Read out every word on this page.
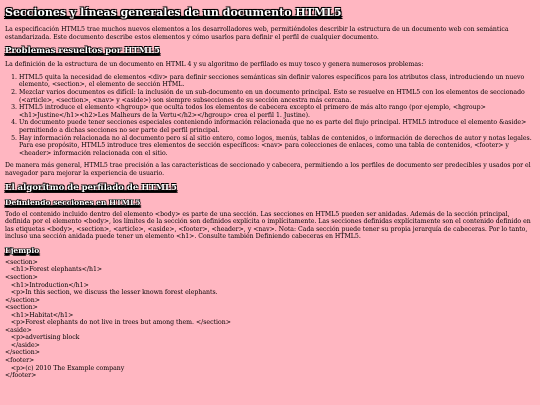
Secciones y líneas generales de un documento HTML5

La especificación HTML5 trae muchos nuevos elementos a los desarrolladores web, permitiéndoles describir la estructura de un documento web con semántica estandarizada. Este documento describe estos elementos y cómo usarlos para definir el perfil de cualquier documento.

Problemas resueltos por HTML5

La definición de la estructura de un documento en HTML 4 y su algoritmo de perfilado es muy tosco y genera numerosos problemas:

1. HTML5 quita la necesidad de elementos <div> para definir secciones semánticas sin definir valores específicos para los atributos class, introduciendo un nuevo elemento, <section>, el elemento de sección HTML.
2. Mezclar varios documentos es difícil: la inclusión de un sub-documento en un documento principal. Esto se resuelve en HTML5 con los elementos de seccionado (<article>, <section>, <nav> y <aside>) son siempre subsecciones de su sección ancestra más cercana.
3. HTML5 introduce el elemento <hgroup> que oculta todos los elementos de cabecera excepto el primero de más alto rango (por ejemplo, <hgroup> <h1>Justine</h1><h2>Les Malheurs de la Vertu</h2></hgroup> crea el perfil 1. Justine).
4. Un documento puede tener secciones especiales conteniendo información relacionada que no es parte del flujo principal. HTML5 introduce el elemento &aside> permitiendo a dichas secciones no ser parte del perfil principal.
5. Hay información relacionada no al documento pero sí al sitio entero, como logos, menús, tablas de contenidos, o información de derechos de autor y notas legales. Para ese propósito, HTML5 introduce tres elementos de sección específicos: <nav> para colecciones de enlaces, como una tabla de contenidos, <footer> y <header> información relacionada con el sitio.

De manera más general, HTML5 trae precisión a las características de seccionado y cabecera, permitiendo a los perfiles de documento ser predecibles y usados por el navegador para mejorar la experiencia de usuario.

El algoritmo de perfilado de HTML5
Definiendo secciones en HTML5

Todo el contenido incluido dentro del elemento <body> es parte de una sección. Las secciones en HTML5 pueden ser anidadas. Además de la sección principal, definida por el elemento <body>, los límites de la sección son definidos explícita o implícitamente. Las secciones definidas explícitamente son el contenido definido en las etiquetas <body>, <section>, <article>, <aside>, <footer>, <header>, y <nav>. Nota: Cada sección puede tener su propia jerarquía de cabeceras. Por lo tanto, incluso una sección anidada puede tener un elemento <h1>. Consulte también Definiendo cabeceras en HTML5.

Ejemplo
<section>
<h1>Forest elephants</h1>
<section>
<h1>Introduction</h1>
<p>In this section, we discuss the lesser known forest elephants.
</section>
<section>
<h1>Habitat</h1>
<p>Forest elephants do not live in trees but among them. </section>
<aside>
<p>advertising block
</aside>
</section>
<footer>
<p>(c) 2010 The Example company
</footer>
